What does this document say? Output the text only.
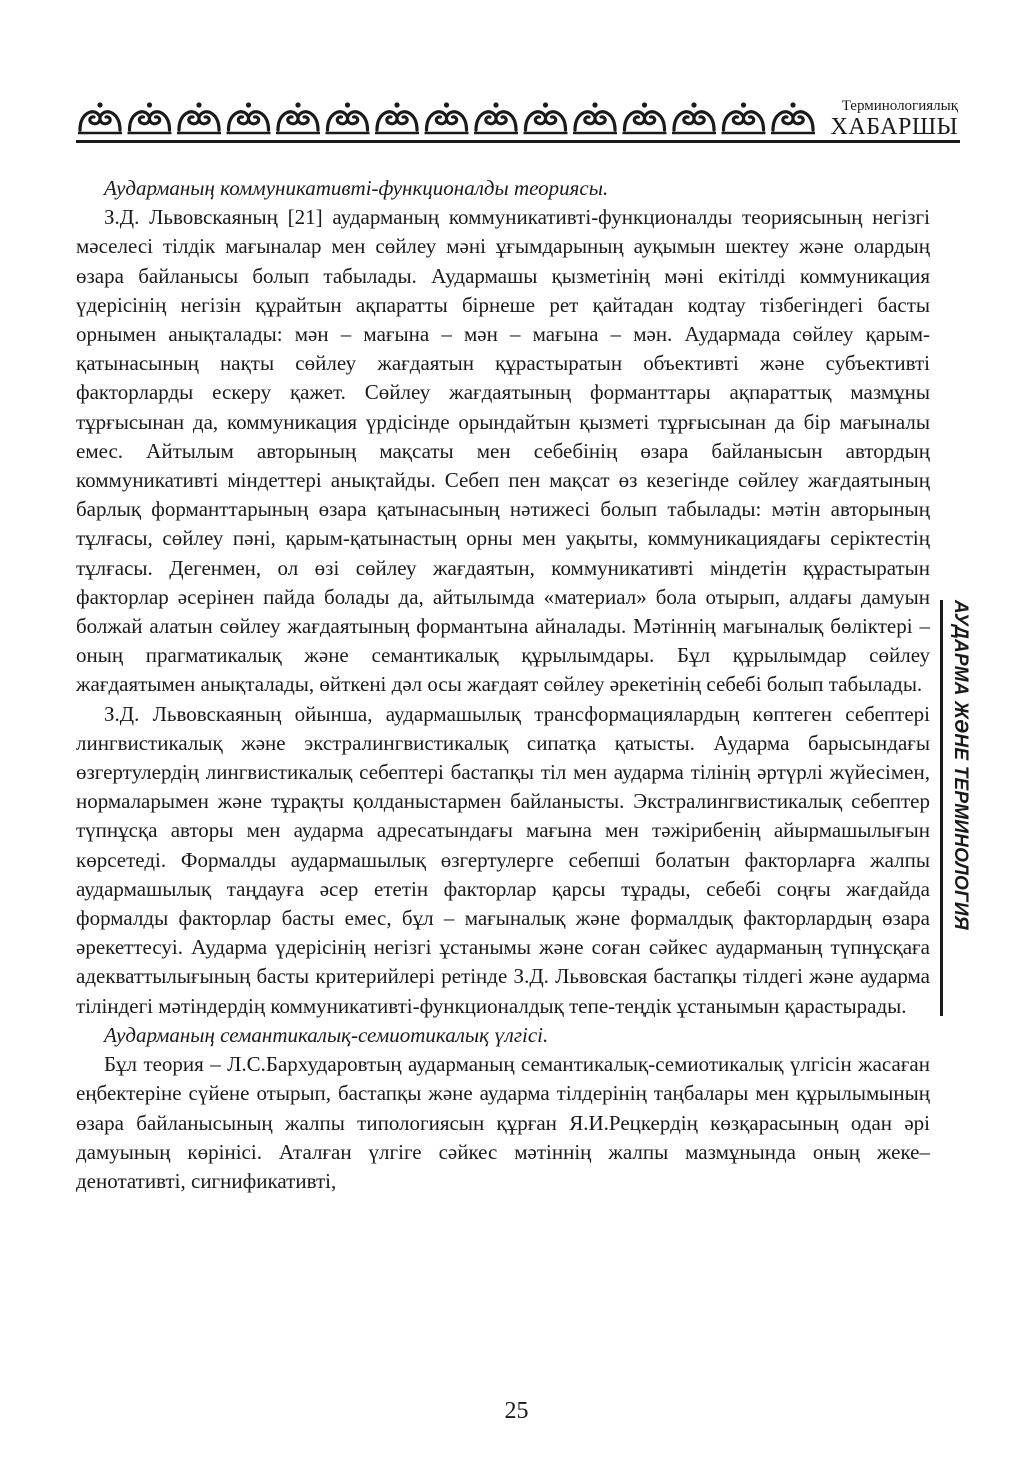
Терминологиялық
ХАБАРШЫ

Аударманың коммуникативті-функционалды теориясы.

З.Д. Львовскаяның [21] аударманың коммуникативті-функционалды теориясының негізгі мәселесі тілдік мағыналар мен сөйлеу мәні ұғымдарының ауқымын шектеу және олардың өзара байланысы болып табылады. Аудармашы қызметінің мәні екітілді коммуникация үдерісінің негізін құрайтын ақпаратты бірнеше рет қайтадан кодтау тізбегіндегі басты орнымен анықталады: мән – мағына – мән – мағына – мән. Аудармада сөйлеу қарым-қатынасының нақты сөйлеу жағдаятын құрастыратын объективті және субъективті факторларды ескеру қажет. Сөйлеу жағдаятының форманттары ақпараттық мазмұны тұрғысынан да, коммуникация үрдісінде орындайтын қызметі тұрғысынан да бір мағыналы емес. Айтылым авторының мақсаты мен себебінің өзара байланысын автордың коммуникативті міндеттері анықтайды. Себеп пен мақсат өз кезегінде сөйлеу жағдаятының барлық форманттарының өзара қатынасының нәтижесі болып табылады: мәтін авторының тұлғасы, сөйлеу пәні, қарым-қатынастың орны мен уақыты, коммуникациядағы серіктестің тұлғасы. Дегенмен, ол өзі сөйлеу жағдаятын, коммуникативті міндетін құрастыратын факторлар әсерінен пайда болады да, айтылымда «материал» бола отырып, алдағы дамуын болжай алатын сөйлеу жағдаятының формантына айналады. Мәтіннің мағыналық бөліктері – оның прагматикалық және семантикалық құрылымдары. Бұл құрылымдар сөйлеу жағдаятымен анықталады, өйткені дәл осы жағдаят сөйлеу әрекетінің себебі болып табылады.

З.Д. Львовскаяның ойынша, аудармашылық трансформациялардың көптеген себептері лингвистикалық және экстралингвистикалық сипатқа қатысты. Аударма барысындағы өзгертулердің лингвистикалық себептері бастапқы тіл мен аударма тілінің әртүрлі жүйесімен, нормаларымен және тұрақты қолданыстармен байланысты. Экстралингвистикалық себептер түпнұсқа авторы мен аударма адресатындағы мағына мен тәжірибенің айырмашылығын көрсетеді. Формалды аудармашылық өзгертулерге себепші болатын факторларға жалпы аудармашылық таңдауға әсер ететін факторлар қарсы тұрады, себебі соңғы жағдайда формалды факторлар басты емес, бұл – мағыналық және формалдық факторлардың өзара әрекеттесуі. Аударма үдерісінің негізгі ұстанымы және соған сәйкес аударманың түпнұсқаға адекваттылығының басты критерийлері ретінде З.Д. Львовская бастапқы тілдегі және аударма тіліндегі мәтіндердің коммуникативті-функционалдық тепе-теңдік ұстанымын қарастырады.

Аударманың семантикалық-семиотикалық үлгісі.

Бұл теория – Л.С.Бархударовтың аударманың семантикалық-семиотикалық үлгісін жасаған еңбектеріне сүйене отырып, бастапқы және аударма тілдерінің таңбалары мен құрылымының өзара байланысының жалпы типологиясын құрған Я.И.Рецкердің көзқарасының одан әрі дамуының көрінісі. Аталған үлгіге сәйкес мәтіннің жалпы мазмұнында оның жеке–денотативті, сигнификативті,

АУДАРМА ЖӘНЕ ТЕРМИНОЛОГИЯ
25
